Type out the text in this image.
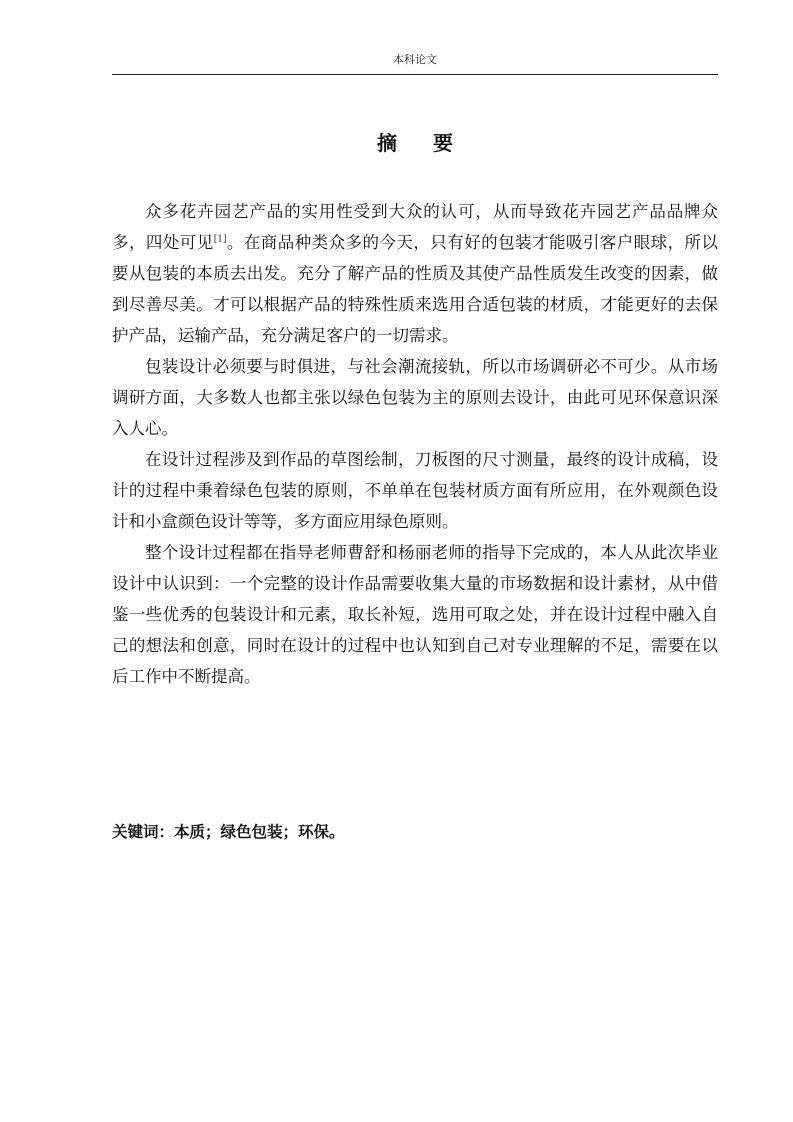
本科论文
摘要

众多花卉园艺产品的实用性受到大众的认可，从而导致花卉园艺产品品牌众多，四处可见[1]。在商品种类众多的今天，只有好的包装才能吸引客户眼球，所以要从包装的本质去出发。充分了解产品的性质及其使产品性质发生改变的因素，做到尽善尽美。才可以根据产品的特殊性质来选用合适包装的材质，才能更好的去保护产品，运输产品，充分满足客户的一切需求。

包装设计必须要与时俱进，与社会潮流接轨，所以市场调研必不可少。从市场调研方面，大多数人也都主张以绿色包装为主的原则去设计，由此可见环保意识深入人心。

在设计过程涉及到作品的草图绘制，刀板图的尺寸测量，最终的设计成稿，设计的过程中秉着绿色包装的原则，不单单在包装材质方面有所应用，在外观颜色设计和小盒颜色设计等等，多方面应用绿色原则。

整个设计过程都在指导老师曹舒和杨丽老师的指导下完成的，本人从此次毕业设计中认识到：一个完整的设计作品需要收集大量的市场数据和设计素材，从中借鉴一些优秀的包装设计和元素，取长补短，选用可取之处，并在设计过程中融入自己的想法和创意，同时在设计的过程中也认知到自己对专业理解的不足，需要在以后工作中不断提高。

关键词：本质；绿色包装；环保。
